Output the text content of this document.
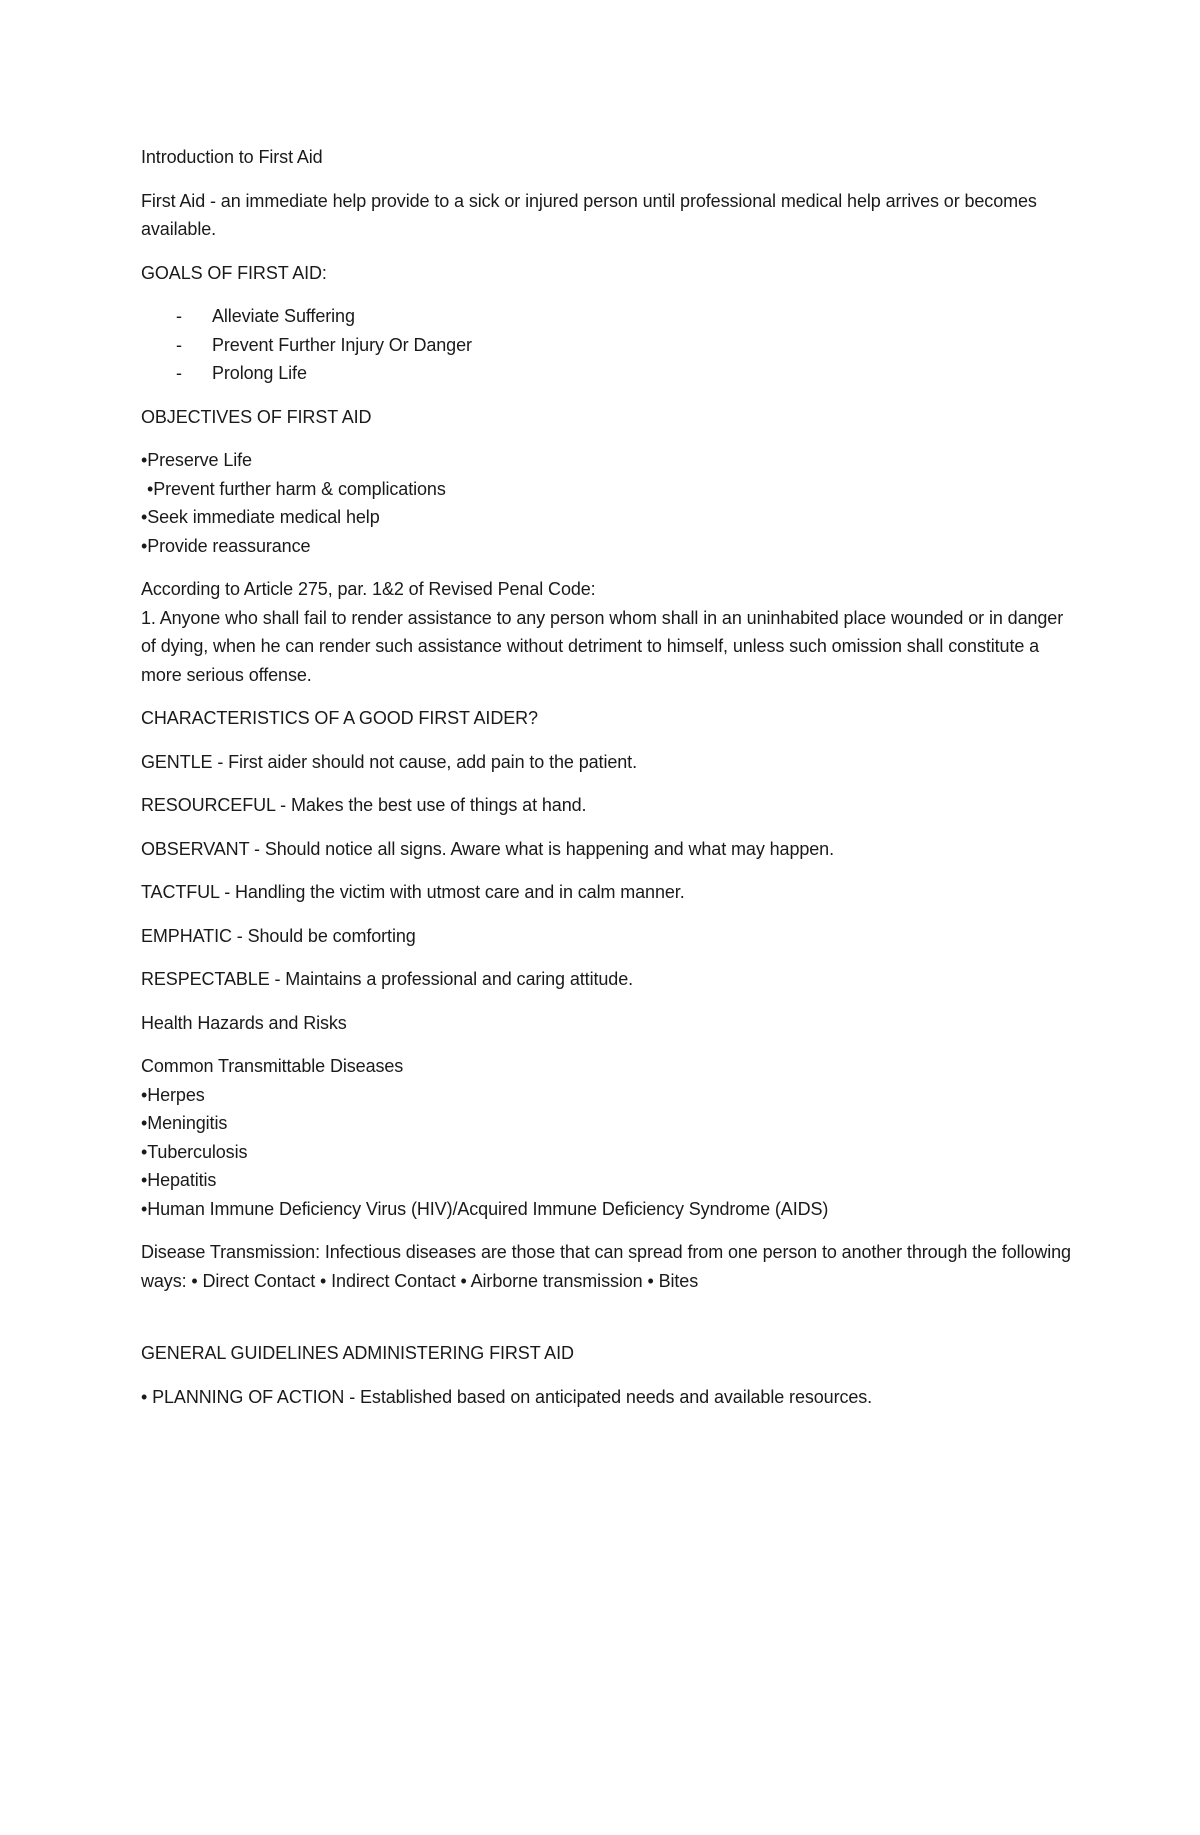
Introduction to First Aid

First Aid - an immediate help provide to a sick or injured person until professional medical help arrives or becomes available.

GOALS OF FIRST AID:

- Alleviate Suffering
- Prevent Further Injury Or Danger
- Prolong Life

OBJECTIVES OF FIRST AID

•Preserve Life
•Prevent further harm & complications
•Seek immediate medical help
•Provide reassurance

According to Article 275, par. 1&2 of Revised Penal Code:

1. Anyone who shall fail to render assistance to any person whom shall in an uninhabited place wounded or in danger of dying, when he can render such assistance without detriment to himself, unless such omission shall constitute a more serious offense.

CHARACTERISTICS OF A GOOD FIRST AIDER?

GENTLE - First aider should not cause, add pain to the patient.

RESOURCEFUL - Makes the best use of things at hand.

OBSERVANT - Should notice all signs. Aware what is happening and what may happen.

TACTFUL - Handling the victim with utmost care and in calm manner.

EMPHATIC - Should be comforting

RESPECTABLE - Maintains a professional and caring attitude.

Health Hazards and Risks

Common Transmittable Diseases

•Herpes

•Meningitis

•Tuberculosis

•Hepatitis

•Human Immune Deficiency Virus (HIV)/Acquired Immune Deficiency Syndrome (AIDS)

Disease Transmission: Infectious diseases are those that can spread from one person to another through the following ways: • Direct Contact • Indirect Contact • Airborne transmission • Bites

GENERAL GUIDELINES ADMINISTERING FIRST AID

• PLANNING OF ACTION - Established based on anticipated needs and available resources.
